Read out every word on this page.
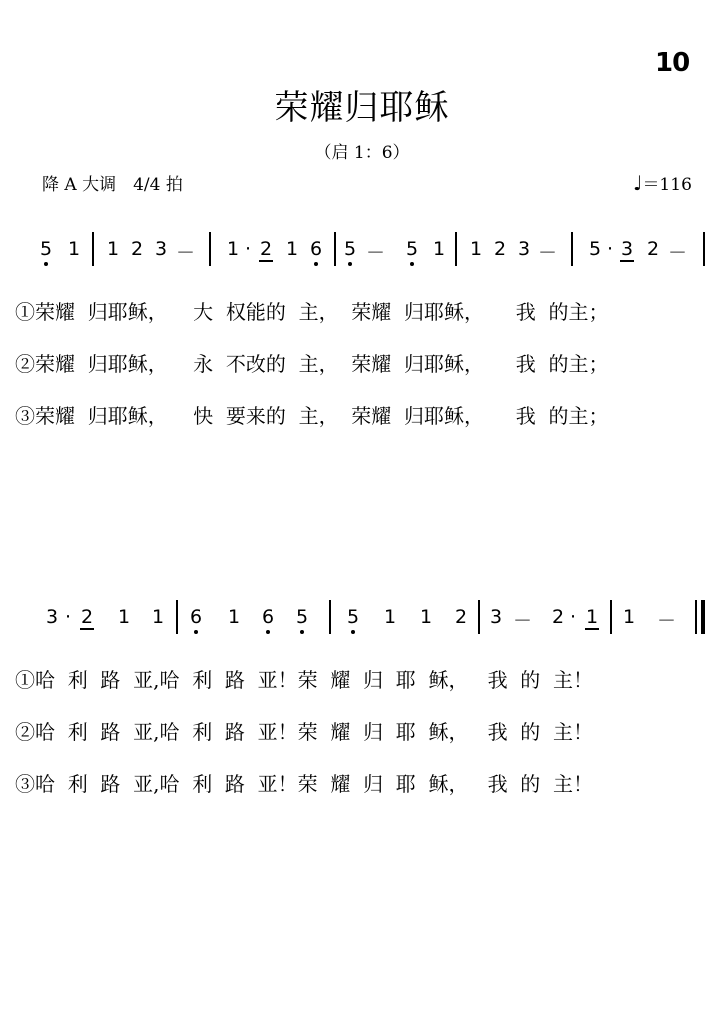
10
荣耀归耶稣
（启 1：6）
降 A 大调　4/4 拍	♩＝116
5 1 1 2 3 － 1 · 2 1 6 5 － 5 1 1 2 3 － 5 · 3 2 －
①荣耀  归耶稣，    大  权能的  主，  荣耀  归耶稣，     我  的主；
②荣耀  归耶稣，    永  不改的  主，  荣耀  归耶稣，     我  的主；
③荣耀  归耶稣，    快  要来的  主，  荣耀  归耶稣，     我  的主；
3 · 2 1 1 6 1 6 5 5 1 1 2 3 － 2 · 1 1 －
①哈  利  路  亚,哈  利  路  亚！荣  耀  归  耶  稣，   我  的  主！
②哈  利  路  亚,哈  利  路  亚！荣  耀  归  耶  稣，   我  的  主！
③哈  利  路  亚,哈  利  路  亚！荣  耀  归  耶  稣，   我  的  主！
